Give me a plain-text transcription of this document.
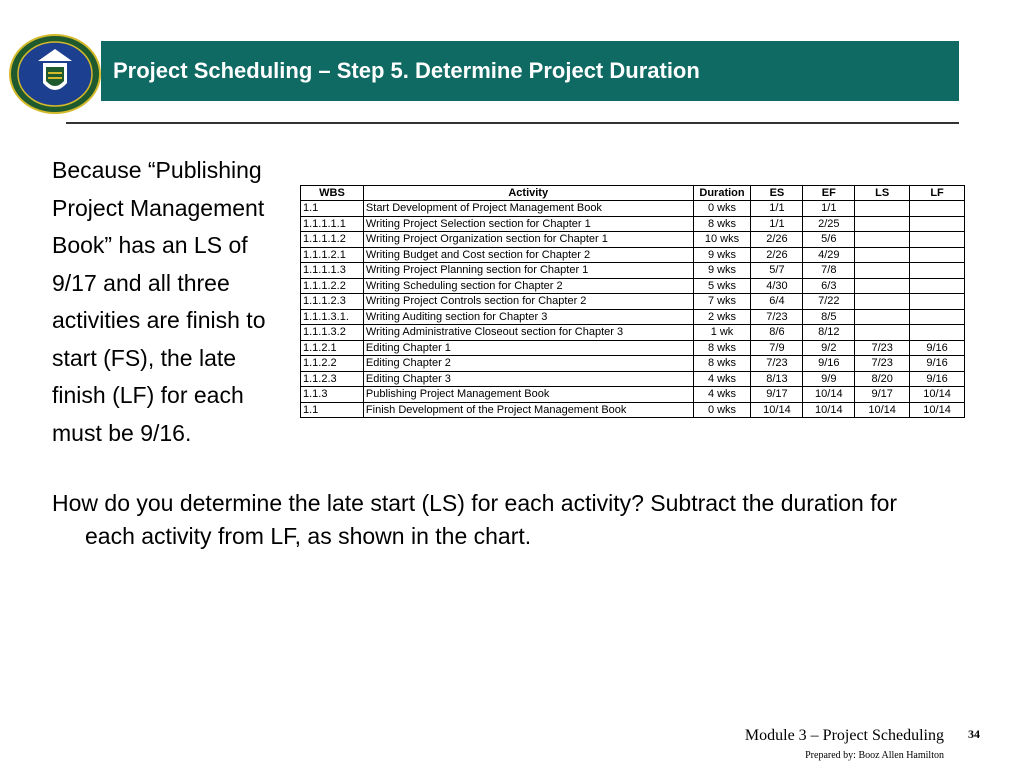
Project Scheduling – Step 5. Determine Project Duration
Because “Publishing
Project Management
Book” has an LS of
9/17 and all three
activities are finish to
start (FS), the late
finish (LF) for each
must be 9/16.
WBS	Activity	Duration	ES	EF	LS	LF
1.1	Start Development of Project Management Book	0 wks	1/1	1/1		
1.1.1.1.1	Writing Project Selection section for Chapter 1	8 wks	1/1	2/25		
1.1.1.1.2	Writing Project Organization section for Chapter 1	10 wks	2/26	5/6		
1.1.1.2.1	Writing Budget and Cost section for Chapter 2	9 wks	2/26	4/29		
1.1.1.1.3	Writing Project Planning section for Chapter 1	9 wks	5/7	7/8		
1.1.1.2.2	Writing Scheduling section for Chapter 2	5 wks	4/30	6/3		
1.1.1.2.3	Writing Project Controls section for Chapter 2	7 wks	6/4	7/22		
1.1.1.3.1.	Writing Auditing section for Chapter 3	2 wks	7/23	8/5		
1.1.1.3.2	Writing Administrative Closeout section for Chapter 3	1 wk	8/6	8/12		
1.1.2.1	Editing Chapter 1	8 wks	7/9	9/2	7/23	9/16
1.1.2.2	Editing Chapter 2	8 wks	7/23	9/16	7/23	9/16
1.1.2.3	Editing Chapter 3	4 wks	8/13	9/9	8/20	9/16
1.1.3	Publishing Project Management Book	4 wks	9/17	10/14	9/17	10/14
1.1	Finish Development of the Project Management Book	0 wks	10/14	10/14	10/14	10/14
How do you determine the late start (LS) for each activity? Subtract the duration for each activity from LF, as shown in the chart.
Module 3 – Project Scheduling 34
Prepared by: Booz Allen Hamilton
